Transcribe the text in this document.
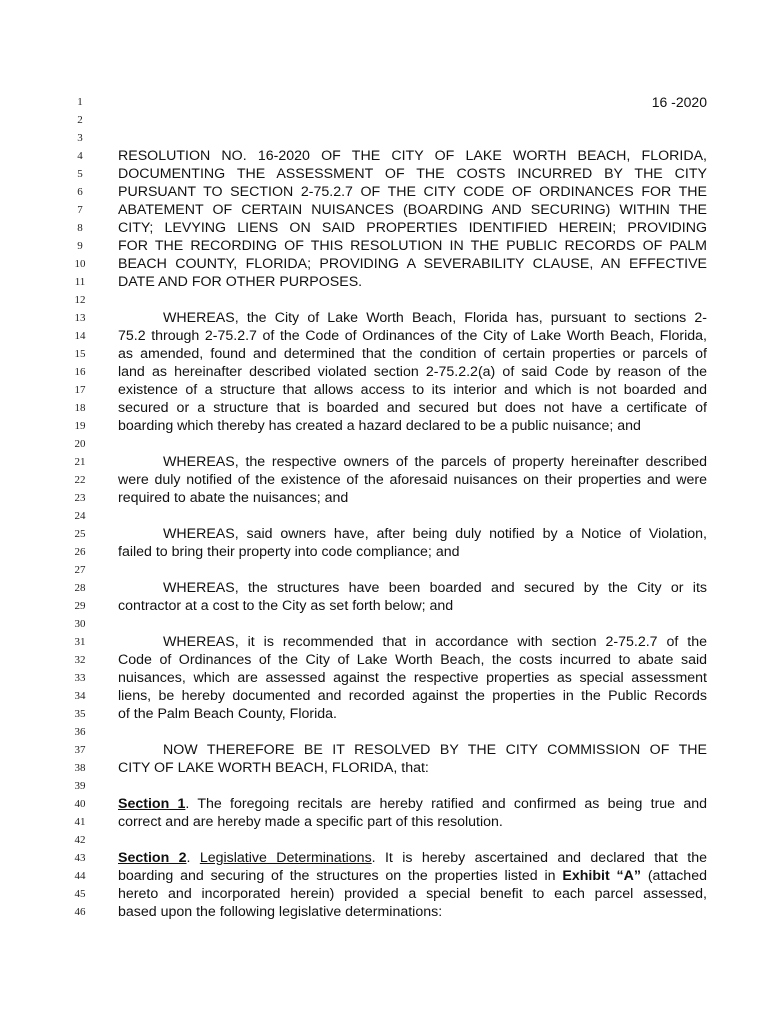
16 -2020
1
2
3
4
5
6
7
8
9
10
11
12
13
14
15
16
17
18
19
20
21
22
23
24
25
26
27
28
29
30
31
32
33
34
35
36
37
38
39
40
41
42
43
44
45
46
RESOLUTION NO. 16-2020 OF THE CITY OF LAKE WORTH BEACH, FLORIDA,
DOCUMENTING THE ASSESSMENT OF THE COSTS INCURRED BY THE CITY
PURSUANT TO SECTION 2-75.2.7 OF THE CITY CODE OF ORDINANCES FOR THE
ABATEMENT OF CERTAIN NUISANCES (BOARDING AND SECURING) WITHIN THE
CITY; LEVYING LIENS ON SAID PROPERTIES IDENTIFIED HEREIN; PROVIDING
FOR THE RECORDING OF THIS RESOLUTION IN THE PUBLIC RECORDS OF PALM
BEACH COUNTY, FLORIDA; PROVIDING A SEVERABILITY CLAUSE, AN EFFECTIVE
DATE AND FOR OTHER PURPOSES.
WHEREAS, the City of Lake Worth Beach, Florida has, pursuant to sections 2-
75.2 through 2-75.2.7 of the Code of Ordinances of the City of Lake Worth Beach, Florida,
as amended, found and determined that the condition of certain properties or parcels of
land as hereinafter described violated section 2-75.2.2(a) of said Code by reason of the
existence of a structure that allows access to its interior and which is not boarded and
secured or a structure that is boarded and secured but does not have a certificate of
boarding which thereby has created a hazard declared to be a public nuisance; and
WHEREAS, the respective owners of the parcels of property hereinafter described
were duly notified of the existence of the aforesaid nuisances on their properties and were
required to abate the nuisances; and
WHEREAS, said owners have, after being duly notified by a Notice of Violation,
failed to bring their property into code compliance; and
WHEREAS, the structures have been boarded and secured by the City or its
contractor at a cost to the City as set forth below; and
WHEREAS, it is recommended that in accordance with section 2-75.2.7 of the
Code of Ordinances of the City of Lake Worth Beach, the costs incurred to abate said
nuisances, which are assessed against the respective properties as special assessment
liens, be hereby documented and recorded against the properties in the Public Records
of the Palm Beach County, Florida.
NOW THEREFORE BE IT RESOLVED BY THE CITY COMMISSION OF THE
CITY OF LAKE WORTH BEACH, FLORIDA, that:
Section 1. The foregoing recitals are hereby ratified and confirmed as being true and
correct and are hereby made a specific part of this resolution.
Section 2. Legislative Determinations. It is hereby ascertained and declared that the
boarding and securing of the structures on the properties listed in Exhibit “A” (attached
hereto and incorporated herein) provided a special benefit to each parcel assessed,
based upon the following legislative determinations:
